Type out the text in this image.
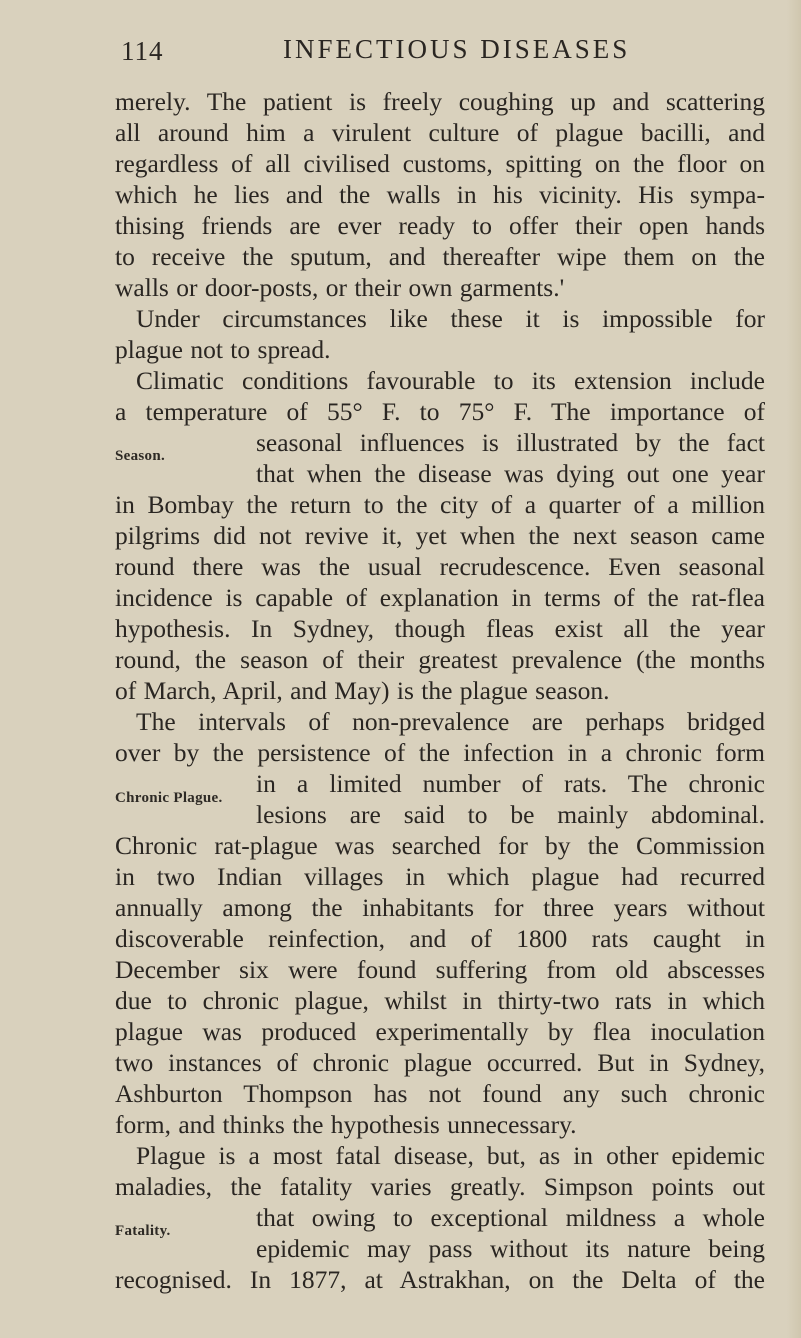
114	INFECTIOUS DISEASES
merely. The patient is freely coughing up and scattering
all around him a virulent culture of plague bacilli, and
regardless of all civilised customs, spitting on the floor on
which he lies and the walls in his vicinity. His sympa-
thising friends are ever ready to offer their open hands
to receive the sputum, and thereafter wipe them on the
walls or door-posts, or their own garments.'
Under circumstances like these it is impossible for
plague not to spread.
Climatic conditions favourable to its extension include
a temperature of 55° F. to 75° F. The importance of
seasonal influences is illustrated by the fact
that when the disease was dying out one year
in Bombay the return to the city of a quarter of a million
pilgrims did not revive it, yet when the next season came
round there was the usual recrudescence. Even seasonal
incidence is capable of explanation in terms of the rat-flea
hypothesis. In Sydney, though fleas exist all the year
round, the season of their greatest prevalence (the months
of March, April, and May) is the plague season.
The intervals of non-prevalence are perhaps bridged
over by the persistence of the infection in a chronic form
in a limited number of rats. The chronic
lesions are said to be mainly abdominal.
Chronic rat-plague was searched for by the Commission
in two Indian villages in which plague had recurred
annually among the inhabitants for three years without
discoverable reinfection, and of 1800 rats caught in
December six were found suffering from old abscesses
due to chronic plague, whilst in thirty-two rats in which
plague was produced experimentally by flea inoculation
two instances of chronic plague occurred. But in Sydney,
Ashburton Thompson has not found any such chronic
form, and thinks the hypothesis unnecessary.
Plague is a most fatal disease, but, as in other epidemic
maladies, the fatality varies greatly. Simpson points out
that owing to exceptional mildness a whole
epidemic may pass without its nature being
recognised. In 1877, at Astrakhan, on the Delta of the
Season.
Chronic Plague.
Fatality.
